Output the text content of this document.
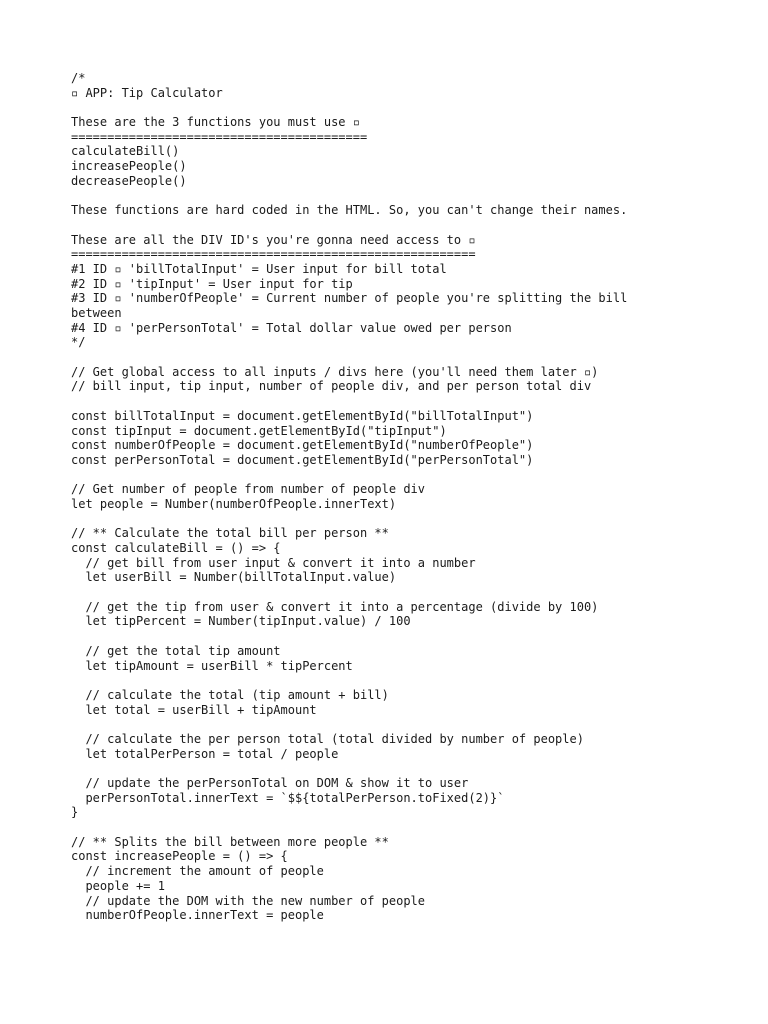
/*
▫ APP: Tip Calculator
These are the 3 functions you must use ▫
=========================================
calculateBill()
increasePeople()
decreasePeople()
These functions are hard coded in the HTML. So, you can't change their names.
These are all the DIV ID's you're gonna need access to ▫
========================================================
#1 ID ▫ 'billTotalInput' = User input for bill total
#2 ID ▫ 'tipInput' = User input for tip
#3 ID ▫ 'numberOfPeople' = Current number of people you're splitting the bill
between
#4 ID ▫ 'perPersonTotal' = Total dollar value owed per person
*/
// Get global access to all inputs / divs here (you'll need them later ▫)
// bill input, tip input, number of people div, and per person total div
const billTotalInput = document.getElementById("billTotalInput")
const tipInput = document.getElementById("tipInput")
const numberOfPeople = document.getElementById("numberOfPeople")
const perPersonTotal = document.getElementById("perPersonTotal")
// Get number of people from number of people div
let people = Number(numberOfPeople.innerText)
// ** Calculate the total bill per person **
const calculateBill = () => {
// get bill from user input & convert it into a number
let userBill = Number(billTotalInput.value)
// get the tip from user & convert it into a percentage (divide by 100)
let tipPercent = Number(tipInput.value) / 100
// get the total tip amount
let tipAmount = userBill * tipPercent
// calculate the total (tip amount + bill)
let total = userBill + tipAmount
// calculate the per person total (total divided by number of people)
let totalPerPerson = total / people
// update the perPersonTotal on DOM & show it to user
perPersonTotal.innerText = `$${totalPerPerson.toFixed(2)}`
}
// ** Splits the bill between more people **
const increasePeople = () => {
// increment the amount of people
people += 1
// update the DOM with the new number of people
numberOfPeople.innerText = people
